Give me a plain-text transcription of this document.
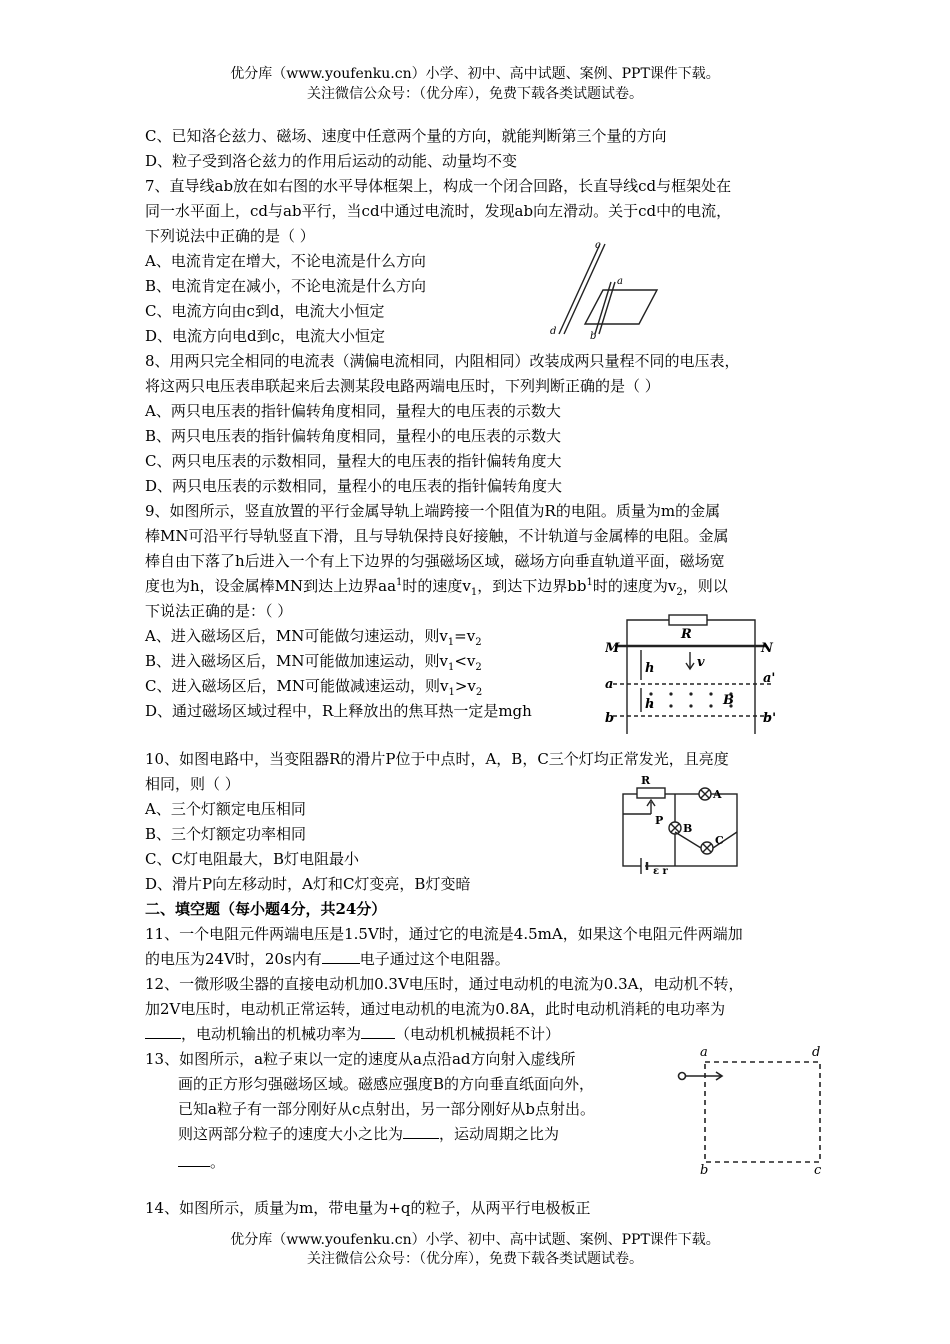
优分库（www.youfenku.cn）小学、初中、高中试题、案例、PPT课件下载。
关注微信公众号：（优分库），免费下载各类试题试卷。
C、已知洛仑兹力、磁场、速度中任意两个量的方向，就能判断第三个量的方向
D、粒子受到洛仑兹力的作用后运动的动能、动量均不变
7、直导线ab放在如右图的水平导体框架上，构成一个闭合回路，长直导线cd与框架处在
同一水平面上，cd与ab平行，当cd中通过电流时，发现ab向左滑动。关于cd中的电流，
下列说法中正确的是（ ）
A、电流肯定在增大，不论电流是什么方向
B、电流肯定在减小，不论电流是什么方向
C、电流方向由c到d，电流大小恒定
D、电流方向电d到c，电流大小恒定
c
d
a
b
8、用两只完全相同的电流表（满偏电流相同，内阻相同）改装成两只量程不同的电压表，
将这两只电压表串联起来后去测某段电路两端电压时，下列判断正确的是（ ）
A、两只电压表的指针偏转角度相同，量程大的电压表的示数大
B、两只电压表的指针偏转角度相同，量程小的电压表的示数大
C、两只电压表的示数相同，量程大的电压表的指针偏转角度大
D、两只电压表的示数相同，量程小的电压表的指针偏转角度大
9、如图所示，竖直放置的平行金属导轨上端跨接一个阻值为R的电阻。质量为m的金属
棒MN可沿平行导轨竖直下滑，且与导轨保持良好接触，不计轨道与金属棒的电阻。金属
棒自由下落了h后进入一个有上下边界的匀强磁场区域，磁场方向垂直轨道平面，磁场宽
度也为h，设金属棒MN到达上边界$aa^1$时的速度$v_1$，到达下边界$bb^1$时的速度为$v_2$，则以
下说法正确的是：（ ）
A、进入磁场区后，MN可能做匀速运动，则$v_1=v_2$
B、进入磁场区后，MN可能做加速运动，则$v_1<v_2$
C、进入磁场区后，MN可能做减速运动，则$v_1>v_2$
D、通过磁场区域过程中，R上释放出的焦耳热一定是mgh
R
M	N
v
h
h	B
a	a'
b	b'
10、如图电路中，当变阻器R的滑片P位于中点时，A，B，C三个灯均正常发光，且亮度
相同，则（ ）
A、三个灯额定电压相同
B、三个灯额定功率相同
C、C灯电阻最大，B灯电阻最小
D、滑片P向左移动时，A灯和C灯变亮，B灯变暗
R
P
A
B
C
ε r
二、填空题（每小题4分，共24分）
11、一个电阻元件两端电压是1.5V时，通过它的电流是4.5mA，如果这个电阻元件两端加
的电压为24V时，20s内有	电子通过这个电阻器。
12、一微形吸尘器的直接电动机加0.3V电压时，通过电动机的电流为0.3A，电动机不转，
加2V电压时，电动机正常运转，通过电动机的电流为0.8A，此时电动机消耗的电功率为
，电动机输出的机械功率为 （电动机机械损耗不计）
13、如图所示，a粒子束以一定的速度从a点沿ad方向射入虚线所
画的正方形匀强磁场区域。磁感应强度B的方向垂直纸面向外，
已知a粒子有一部分刚好从c点射出，另一部分刚好从b点射出。
则这两部分粒子的速度大小之比为 ，运动周期之比为
。
a	d
b	c
14、如图所示，质量为m，带电量为+q的粒子，从两平行电极板正
优分库（www.youfenku.cn）小学、初中、高中试题、案例、PPT课件下载。
关注微信公众号：（优分库），免费下载各类试题试卷。
